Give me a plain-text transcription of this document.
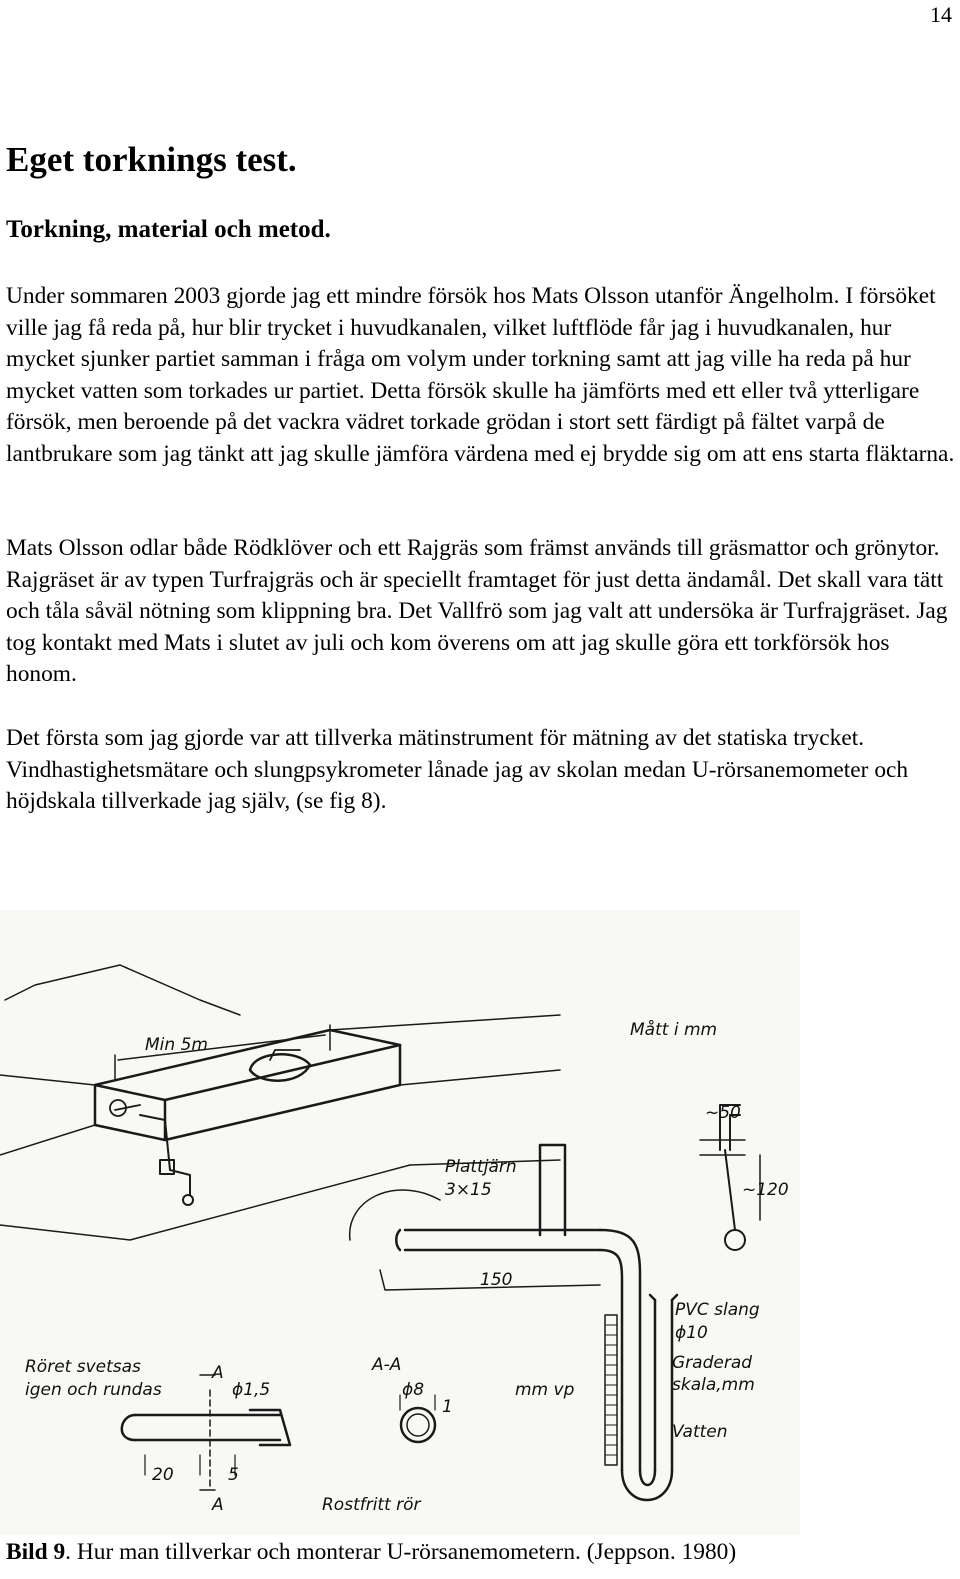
14
Eget torknings test.
Torkning, material och metod.

Under sommaren 2003 gjorde jag ett mindre försök hos Mats Olsson utanför Ängelholm. I försöket ville jag få reda på, hur blir trycket i huvudkanalen, vilket luftflöde får jag i huvudkanalen, hur mycket sjunker partiet samman i fråga om volym under torkning samt att jag ville ha reda på hur mycket vatten som torkades ur partiet. Detta försök skulle ha jämförts med ett eller två ytterligare försök, men beroende på det vackra vädret torkade grödan i stort sett färdigt på fältet varpå de lantbrukare som jag tänkt att jag skulle jämföra värdena med ej brydde sig om att ens starta fläktarna.

Mats Olsson odlar både Rödklöver och ett Rajgräs som främst används till gräsmattor och grönytor. Rajgräset är av typen Turfrajgräs och är speciellt framtaget för just detta ändamål. Det skall vara tätt och tåla såväl nötning som klippning bra. Det Vallfrö som jag valt att undersöka är Turfrajgräset. Jag tog kontakt med Mats i slutet av juli och kom överens om att jag skulle göra ett torkförsök hos honom.

Det första som jag gjorde var att tillverka mätinstrument för mätning av det statiska trycket. Vindhastighetsmätare och slungpsykrometer lånade jag av skolan medan U-rörsanemometer och höjdskala tillverkade jag själv, (se fig 8).

Min 5m
Mått i mm
~50
~120
Plattjärn
3×15
150
PVC slang
ϕ10
Graderad
skala,mm
Vatten
mm vp
Röret svetsas
igen och rundas
A
A
ϕ1,5
A-A
ϕ8
1
20	5
Rostfritt rör

Bild 9. Hur man tillverkar och monterar U-rörsanemometern. (Jeppson. 1980)
